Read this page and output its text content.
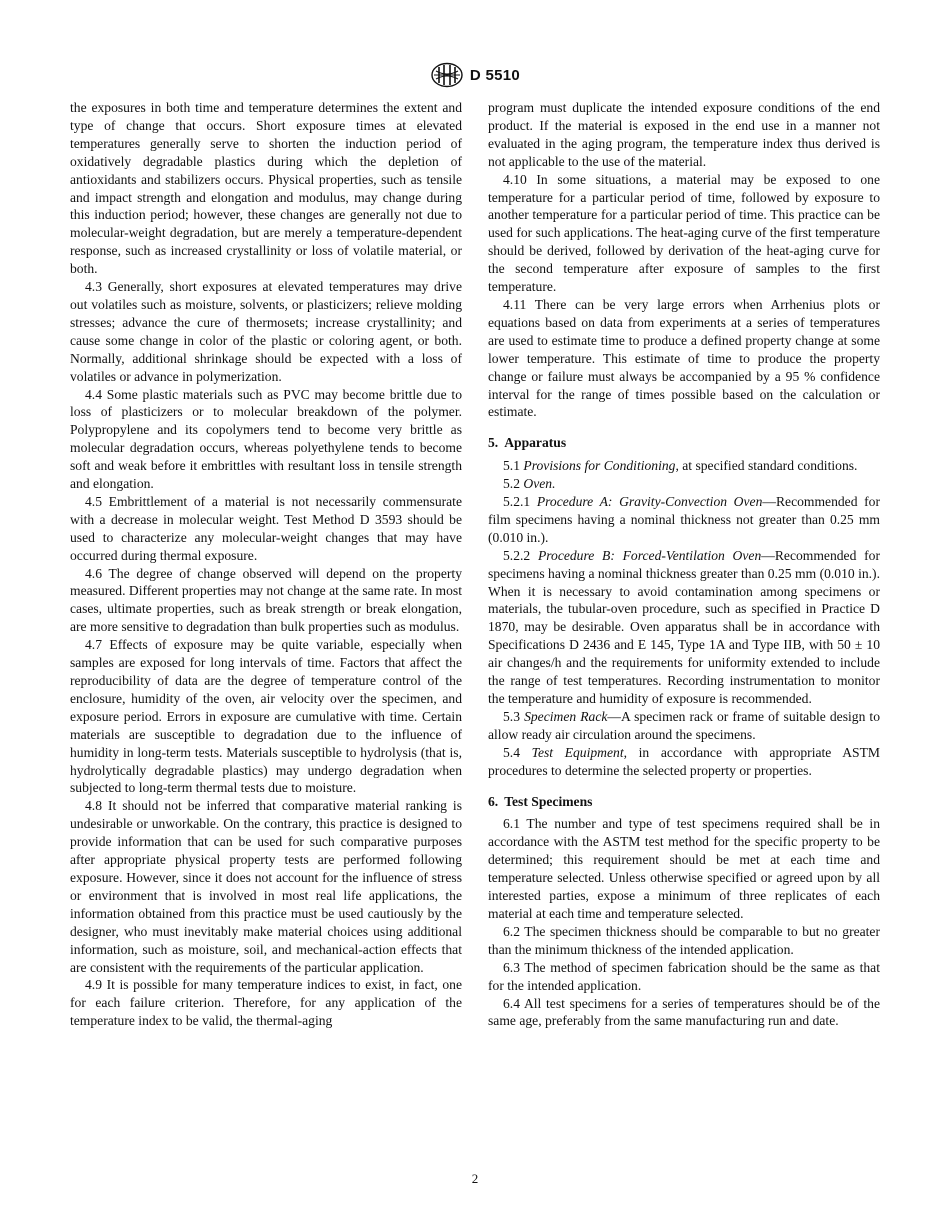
D 5510

the exposures in both time and temperature determines the extent and type of change that occurs. Short exposure times at elevated temperatures generally serve to shorten the induction period of oxidatively degradable plastics during which the depletion of antioxidants and stabilizers occurs. Physical properties, such as tensile and impact strength and elongation and modulus, may change during this induction period; however, these changes are generally not due to molecular-weight degradation, but are merely a temperature-dependent response, such as increased crystallinity or loss of volatile material, or both.

4.3 Generally, short exposures at elevated temperatures may drive out volatiles such as moisture, solvents, or plasticizers; relieve molding stresses; advance the cure of thermosets; increase crystallinity; and cause some change in color of the plastic or coloring agent, or both. Normally, additional shrinkage should be expected with a loss of volatiles or advance in polymerization.

4.4 Some plastic materials such as PVC may become brittle due to loss of plasticizers or to molecular breakdown of the polymer. Polypropylene and its copolymers tend to become very brittle as molecular degradation occurs, whereas polyethylene tends to become soft and weak before it embrittles with resultant loss in tensile strength and elongation.

4.5 Embrittlement of a material is not necessarily commensurate with a decrease in molecular weight. Test Method D 3593 should be used to characterize any molecular-weight changes that may have occurred during thermal exposure.

4.6 The degree of change observed will depend on the property measured. Different properties may not change at the same rate. In most cases, ultimate properties, such as break strength or break elongation, are more sensitive to degradation than bulk properties such as modulus.

4.7 Effects of exposure may be quite variable, especially when samples are exposed for long intervals of time. Factors that affect the reproducibility of data are the degree of temperature control of the enclosure, humidity of the oven, air velocity over the specimen, and exposure period. Errors in exposure are cumulative with time. Certain materials are susceptible to degradation due to the influence of humidity in long-term tests. Materials susceptible to hydrolysis (that is, hydrolytically degradable plastics) may undergo degradation when subjected to long-term thermal tests due to moisture.

4.8 It should not be inferred that comparative material ranking is undesirable or unworkable. On the contrary, this practice is designed to provide information that can be used for such comparative purposes after appropriate physical property tests are performed following exposure. However, since it does not account for the influence of stress or environment that is involved in most real life applications, the information obtained from this practice must be used cautiously by the designer, who must inevitably make material choices using additional information, such as moisture, soil, and mechanical-action effects that are consistent with the requirements of the particular application.

4.9 It is possible for many temperature indices to exist, in fact, one for each failure criterion. Therefore, for any application of the temperature index to be valid, the thermal-aging

program must duplicate the intended exposure conditions of the end product. If the material is exposed in the end use in a manner not evaluated in the aging program, the temperature index thus derived is not applicable to the use of the material.

4.10 In some situations, a material may be exposed to one temperature for a particular period of time, followed by exposure to another temperature for a particular period of time. This practice can be used for such applications. The heat-aging curve of the first temperature should be derived, followed by derivation of the heat-aging curve for the second temperature after exposure of samples to the first temperature.

4.11 There can be very large errors when Arrhenius plots or equations based on data from experiments at a series of temperatures are used to estimate time to produce a defined property change at some lower temperature. This estimate of time to produce the property change or failure must always be accompanied by a 95 % confidence interval for the range of times possible based on the calculation or estimate.

5. Apparatus

5.1 Provisions for Conditioning, at specified standard conditions.

5.2 Oven.

5.2.1 Procedure A: Gravity-Convection Oven—Recommended for film specimens having a nominal thickness not greater than 0.25 mm (0.010 in.).

5.2.2 Procedure B: Forced-Ventilation Oven—Recommended for specimens having a nominal thickness greater than 0.25 mm (0.010 in.). When it is necessary to avoid contamination among specimens or materials, the tubular-oven procedure, such as specified in Practice D 1870, may be desirable. Oven apparatus shall be in accordance with Specifications D 2436 and E 145, Type 1A and Type IIB, with 50 ± 10 air changes/h and the requirements for uniformity extended to include the range of test temperatures. Recording instrumentation to monitor the temperature and humidity of exposure is recommended.

5.3 Specimen Rack—A specimen rack or frame of suitable design to allow ready air circulation around the specimens.

5.4 Test Equipment, in accordance with appropriate ASTM procedures to determine the selected property or properties.

6. Test Specimens

6.1 The number and type of test specimens required shall be in accordance with the ASTM test method for the specific property to be determined; this requirement should be met at each time and temperature selected. Unless otherwise specified or agreed upon by all interested parties, expose a minimum of three replicates of each material at each time and temperature selected.

6.2 The specimen thickness should be comparable to but no greater than the minimum thickness of the intended application.

6.3 The method of specimen fabrication should be the same as that for the intended application.

6.4 All test specimens for a series of temperatures should be of the same age, preferably from the same manufacturing run and date.

2
